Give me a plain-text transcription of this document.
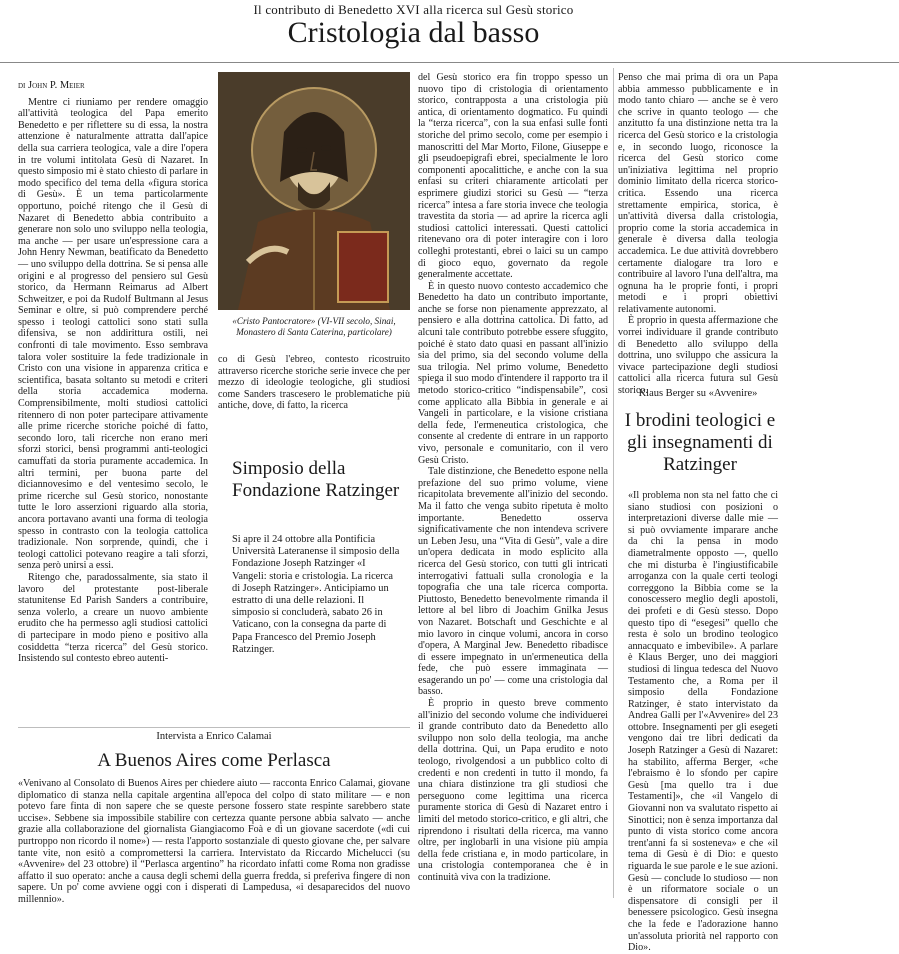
Il contributo di Benedetto XVI alla ricerca sul Gesù storico
Cristologia dal basso
di John P. Meier

Mentre ci riuniamo per rendere omaggio all'attività teologica del Papa emerito Benedetto e per riflettere su di essa, la nostra attenzione è naturalmente attratta dall'apice della sua carriera teologica, vale a dire l'opera in tre volumi intitolata Gesù di Nazaret. In questo simposio mi è stato chiesto di parlare in modo specifico del tema della «figura storica di Gesù». È un tema particolarmente opportuno, poiché ritengo che il Gesù di Nazaret di Benedetto abbia contribuito a generare non solo uno sviluppo nella teologia, ma anche — per usare un'espressione cara a John Henry Newman, beatificato da Benedetto — uno sviluppo della dottrina. Se si pensa alle origini e al progresso del pensiero sul Gesù storico, da Hermann Reimarus ad Albert Schweitzer, e poi da Rudolf Bultmann al Jesus Seminar e oltre, si può comprendere perché spesso i teologi cattolici sono stati sulla difensiva, se non addirittura ostili, nei confronti di tale movimento. Esso sembrava talora voler sostituire la fede tradizionale in Cristo con una visione in apparenza critica e scientifica, basata soltanto su metodi e criteri della storia accademica moderna. Comprensibilmente, molti studiosi cattolici ritennero di non poter partecipare attivamente alle prime ricerche storiche poiché di fatto, secondo loro, tali ricerche non erano meri sforzi storici, bensì programmi anti-teologici camuffati da storia puramente accademica. In altri termini, per buona parte del diciannovesimo e del ventesimo secolo, le prime ricerche sul Gesù storico, nonostante tutte le loro asserzioni riguardo alla storia, ancora portavano avanti una forma di teologia spesso in contrasto con la teologia cattolica tradizionale. Non sorprende, quindi, che i teologi cattolici potevano reagire a tali sforzi, senza però unirsi a essi.

Ritengo che, paradossalmente, sia stato il lavoro del protestante post-liberale statunitense Ed Parish Sanders a contribuire, senza volerlo, a creare un nuovo ambiente erudito che ha permesso agli studiosi cattolici di partecipare in modo pieno e positivo alla cosiddetta “terza ricerca” del Gesù storico. Insistendo sul contesto ebreo autenti-

«Cristo Pantocratore» (VI-VII secolo, Sinai, Monastero di Santa Caterina, particolare)

co di Gesù l'ebreo, contesto ricostruito attraverso ricerche storiche serie invece che per mezzo di ideologie teologiche, gli studiosi come Sanders trascesero le problematiche più antiche, dove, di fatto, la ricerca

Simposio della Fondazione Ratzinger
Si apre il 24 ottobre alla Pontificia Università Lateranense il simposio della Fondazione Joseph Ratzinger «I Vangeli: storia e cristologia. La ricerca di Joseph Ratzinger». Anticipiamo un estratto di una delle relazioni. Il simposio si concluderà, sabato 26 in Vaticano, con la consegna da parte di Papa Francesco del Premio Joseph Ratzinger.

del Gesù storico era fin troppo spesso un nuovo tipo di cristologia di orientamento storico, contrapposta a una cristologia più antica, di orientamento dogmatico. Fu quindi la “terza ricerca”, con la sua enfasi sulle fonti storiche del primo secolo, come per esempio i manoscritti del Mar Morto, Filone, Giuseppe e gli pseudoepigrafi ebrei, specialmente le loro componenti apocalittiche, e anche con la sua enfasi su criteri chiaramente articolati per esprimere giudizi storici su Gesù — “terza ricerca” intesa a fare storia invece che teologia travestita da storia — ad aprire la ricerca agli studiosi cattolici interessati. Questi cattolici ritenevano ora di poter interagire con i loro colleghi protestanti, ebrei o laici su un campo di gioco equo, governato da regole generalmente accettate.

È in questo nuovo contesto accademico che Benedetto ha dato un contributo importante, anche se forse non pienamente apprezzato, al pensiero e alla dottrina cattolica. Di fatto, ad alcuni tale contributo potrebbe essere sfuggito, poiché è stato dato quasi en passant all'inizio sia del primo, sia del secondo volume della sua trilogia. Nel primo volume, Benedetto spiega il suo modo d'intendere il rapporto tra il metodo storico-critico “indispensabile”, così come applicato alla Bibbia in generale e ai Vangeli in particolare, e la visione cristiana della fede, l'ermeneutica cristologica, che consente al credente di entrare in un rapporto vivo, personale e comunitario, con il vero Gesù Cristo.

Tale distinzione, che Benedetto espone nella prefazione del suo primo volume, viene ricapitolata brevemente all'inizio del secondo. Ma il fatto che venga subito ripetuta è molto importante. Benedetto osserva significativamente che non intendeva scrivere un Leben Jesu, una “Vita di Gesù”, vale a dire un'opera dedicata in modo esplicito alla ricerca del Gesù storico, con tutti gli intricati interrogativi fattuali sulla cronologia e la topografia che una tale ricerca comporta. Piuttosto, Benedetto benevolmente rimanda il lettore al bel libro di Joachim Gnilka Jesus von Nazaret. Botschaft und Geschichte e al mio lavoro in cinque volumi, ancora in corso d'opera, A Marginal Jew. Benedetto ribadisce di essere impegnato in un'ermeneutica della fede, che può essere immaginata — esagerando un po' — come una cristologia dal basso.

È proprio in questo breve commento all'inizio del secondo volume che individuerei il grande contributo dato da Benedetto allo sviluppo non solo della teologia, ma anche della dottrina. Qui, un Papa erudito e noto teologo, rivolgendosi a un pubblico colto di credenti e non credenti in tutto il mondo, fa una chiara distinzione tra gli studiosi che perseguono come legittima una ricerca puramente storica di Gesù di Nazaret entro i limiti del metodo storico-critico, e gli altri, che riprendono i risultati della ricerca, ma vanno oltre, per inglobarli in una visione più ampia della fede cristiana e, in modo particolare, in una cristologia contemporanea che è in continuità viva con la tradizione.

Penso che mai prima di ora un Papa abbia ammesso pubblicamente e in modo tanto chiaro — anche se è vero che scrive in quanto teologo — che anzitutto fa una distinzione netta tra la ricerca del Gesù storico e la cristologia e, in secondo luogo, riconosce la ricerca del Gesù storico come un'iniziativa legittima nel proprio dominio limitato della ricerca storico-critica. Essendo una ricerca strettamente empirica, storica, è un'attività diversa dalla cristologia, proprio come la storia accademica in generale è diversa dalla teologia accademica. Le due attività dovrebbero certamente dialogare tra loro e contribuire al lavoro l'una dell'altra, ma ognuna ha le proprie fonti, i propri metodi e i propri obiettivi relativamente autonomi.

È proprio in questa affermazione che vorrei individuare il grande contributo di Benedetto allo sviluppo della dottrina, uno sviluppo che assicura la vivace partecipazione degli studiosi cattolici alla ricerca futura sul Gesù storico.

Klaus Berger su «Avvenire»
I brodini teologici e gli insegnamenti di Ratzinger

«Il problema non sta nel fatto che ci siano studiosi con posizioni o interpretazioni diverse dalle mie — si può ovviamente imparare anche da chi la pensa in modo diametralmente opposto —, quello che mi disturba è l'ingiustificabile arroganza con la quale certi teologi correggono la Bibbia come se la conoscessero meglio degli apostoli, dei profeti e di Gesù stesso. Dopo questo tipo di “esegesi” quello che resta è solo un brodino teologico annacquato e imbevibile». A parlare è Klaus Berger, uno dei maggiori studiosi di lingua tedesca del Nuovo Testamento che, a Roma per il simposio della Fondazione Ratzinger, è stato intervistato da Andrea Galli per l'«Avvenire» del 23 ottobre. Insegnamenti per gli esegeti vengono dai tre libri dedicati da Joseph Ratzinger a Gesù di Nazaret: ha stabilito, afferma Berger, «che l'ebraismo è lo sfondo per capire Gesù [ma quello tra i due Testamenti]», che «il Vangelo di Giovanni non va svalutato rispetto ai Sinottici; non è senza importanza dal punto di vista storico come ancora trent'anni fa si sosteneva» e che «il tema di Gesù è di Dio: e questo riguarda le sue parole e le sue azioni. Gesù — conclude lo studioso — non è un riformatore sociale o un dispensatore di consigli per il benessere psicologico. Gesù insegna che la fede e l'adorazione hanno un'assoluta priorità nel rapporto con Dio».

Intervista a Enrico Calamai
A Buenos Aires come Perlasca

«Venivano al Consolato di Buenos Aires per chiedere aiuto — racconta Enrico Calamai, giovane diplomatico di stanza nella capitale argentina all'epoca del colpo di stato militare — e non potevo fare finta di non sapere che se queste persone fossero state respinte sarebbero state uccise». Sebbene sia impossibile stabilire con certezza quante persone abbia salvato — anche grazie alla collaborazione del giornalista Giangiacomo Foà e di un giovane sacerdote («di cui purtroppo non ricordo il nome») — resta l'apporto sostanziale di questo giovane che, per salvare tante vite, non esitò a compromettersi la carriera. Intervistato da Riccardo Michelucci (su «Avvenire» del 23 ottobre) il “Perlasca argentino” ha ricordato infatti come Roma non gradisse affatto il suo operato: anche a causa degli schemi della guerra fredda, si preferiva fingere di non sapere. Un po' come avviene oggi con i disperati di Lampedusa, «i desaparecidos del nuovo millennio».
